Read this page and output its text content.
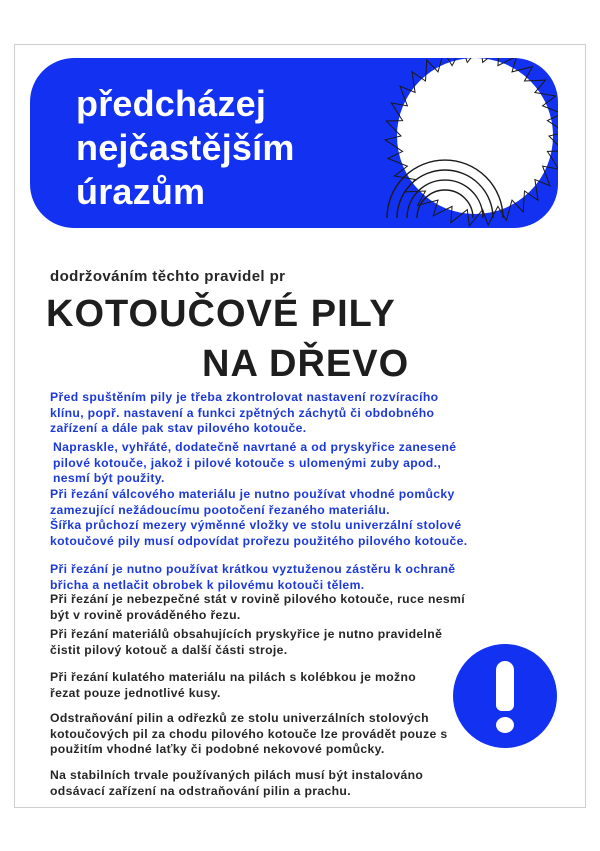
předcházej
nejčastějším
úrazům
dodržováním těchto pravidel pr
KOTOUČOVÉ PILY
NA DŘEVO
Před spuštěním pily je třeba zkontrolovat nastavení rozvíracího klínu, popř. nastavení a funkci zpětných záchytů či obdobného zařízení a dále pak stav pilového kotouče.
Napraskle, vyhřáté, dodatečně navrtané a od pryskyřice zanesené pilové kotouče, jakož i pilové kotouče s ulomenými zuby apod., nesmí být použity.
Při řezání válcového materiálu je nutno používat vhodné pomůcky zamezující nežádoucímu pootočení řezaného materiálu.
Šířka průchozí mezery výměnné vložky ve stolu univerzální stolové kotoučové pily musí odpovídat prořezu použitého pilového kotouče.
Při řezání je nutno používat krátkou vyztuženou zástěru k ochraně břicha a netlačit obrobek k pilovému kotouči tělem.
Při řezání je nebezpečné stát v rovině pilového kotouče, ruce nesmí být v rovině prováděného řezu.
Při řezání materiálů obsahujících pryskyřice je nutno pravidelně čistit pilový kotouč a další části stroje.
Při řezání kulatého materiálu na pilách s kolébkou je možno řezat pouze jednotlivé kusy.
Odstraňování pilin a odřezků ze stolu univerzálních stolových kotoučových pil za chodu pilového kotouče lze provádět pouze s použitím vhodné laťky či podobné nekovové pomůcky.
Na stabilních trvale používaných pilách musí být instalováno odsávací zařízení na odstraňování pilin a prachu.
